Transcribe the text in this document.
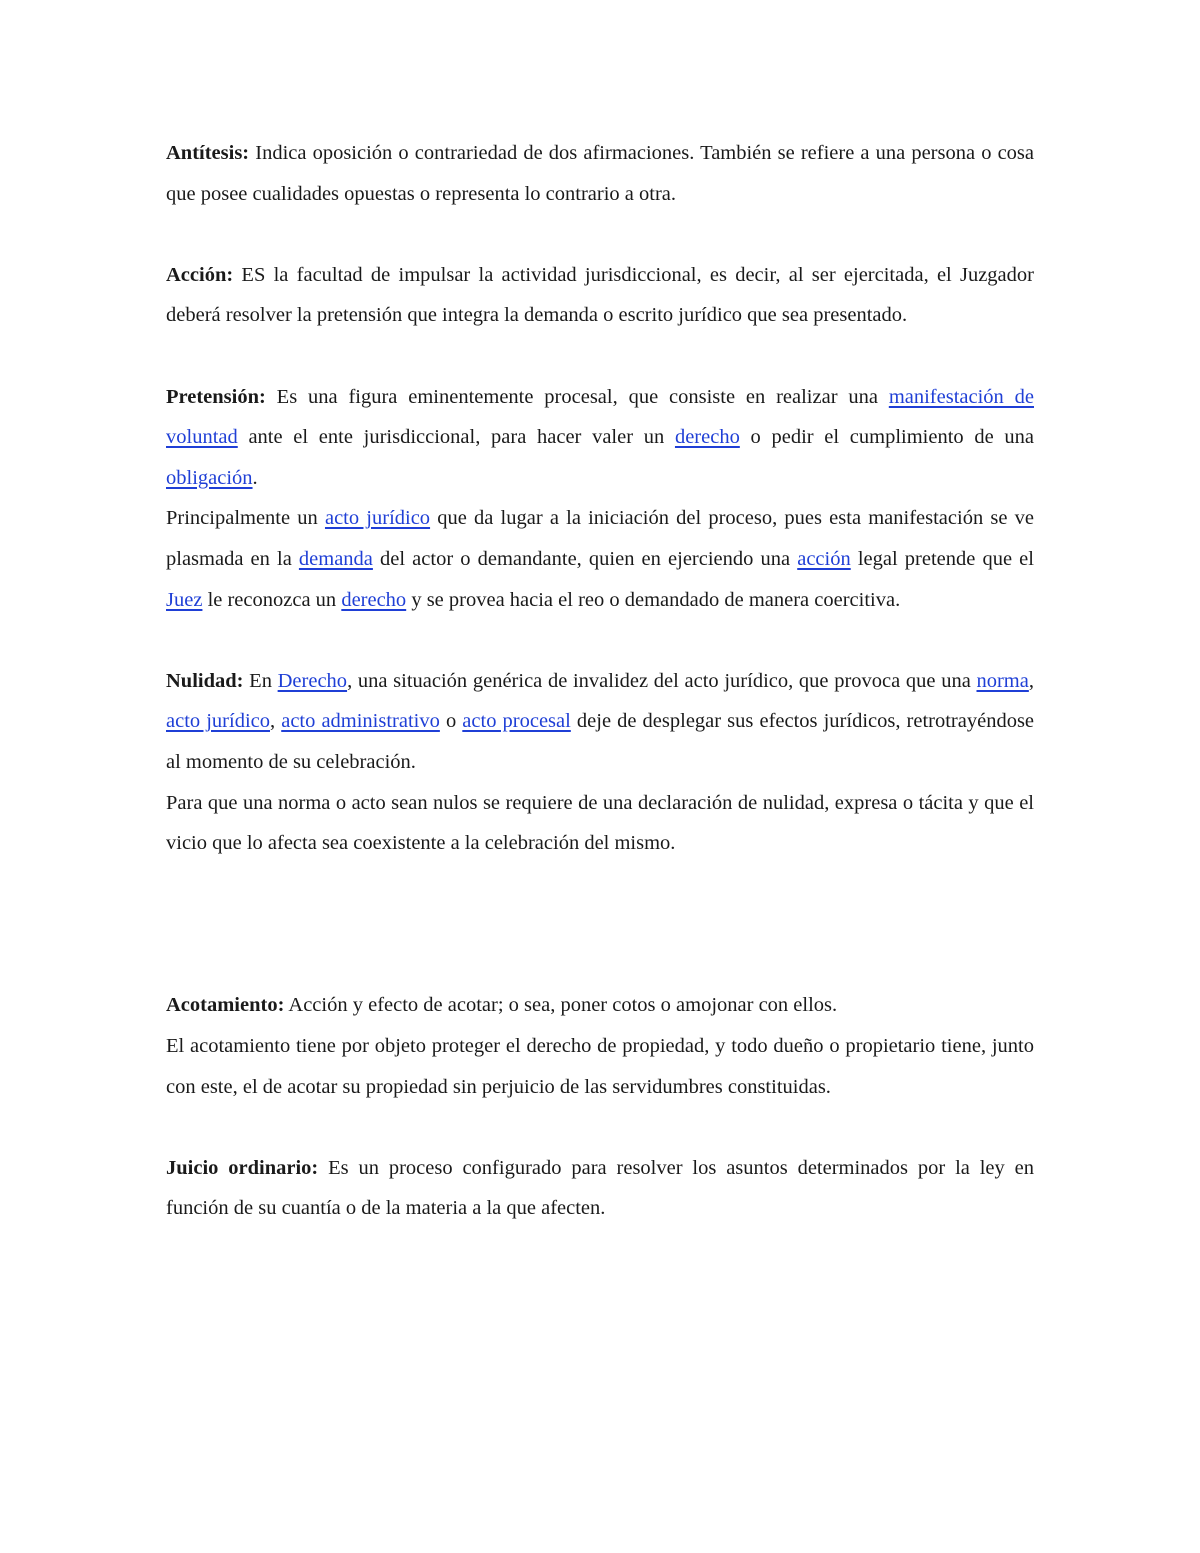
Antítesis: Indica oposición o contrariedad de dos afirmaciones. También se refiere a una persona o cosa que posee cualidades opuestas o representa lo contrario a otra.

Acción: ES la facultad de impulsar la actividad jurisdiccional, es decir, al ser ejercitada, el Juzgador deberá resolver la pretensión que integra la demanda o escrito jurídico que sea presentado.

Pretensión: Es una figura eminentemente procesal, que consiste en realizar una manifestación de voluntad ante el ente jurisdiccional, para hacer valer un derecho o pedir el cumplimiento de una obligación.

Principalmente un acto jurídico que da lugar a la iniciación del proceso, pues esta manifestación se ve plasmada en la demanda del actor o demandante, quien en ejerciendo una acción legal pretende que el Juez le reconozca un derecho y se provea hacia el reo o demandado de manera coercitiva.

Nulidad: En Derecho, una situación genérica de invalidez del acto jurídico, que provoca que una norma, acto jurídico, acto administrativo o acto procesal deje de desplegar sus efectos jurídicos, retrotrayéndose al momento de su celebración.

Para que una norma o acto sean nulos se requiere de una declaración de nulidad, expresa o tácita y que el vicio que lo afecta sea coexistente a la celebración del mismo.

Acotamiento: Acción y efecto de acotar; o sea, poner cotos o amojonar con ellos.

El acotamiento tiene por objeto proteger el derecho de propiedad, y todo dueño o propietario tiene, junto con este, el de acotar su propiedad sin perjuicio de las servidumbres constituidas.

Juicio ordinario: Es un proceso configurado para resolver los asuntos determinados por la ley en función de su cuantía o de la materia a la que afecten.
